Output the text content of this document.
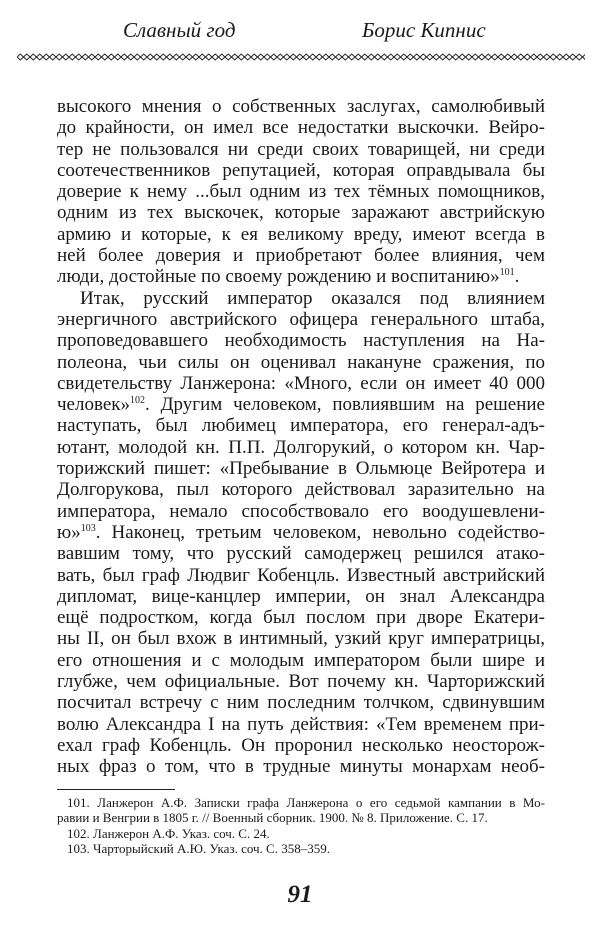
Славный год	Борис Кипнис
высокого мнения о собственных заслугах, самолюбивый
до крайности, он имел все недостатки выскочки. Вейро-
тер не пользовался ни среди своих товарищей, ни среди
соотечественников репутацией, которая оправдывала бы
доверие к нему ...был одним из тех тёмных помощников,
одним из тех выскочек, которые заражают австрийскую
армию и которые, к ея великому вреду, имеют всегда в
ней более доверия и приобретают более влияния, чем
люди, достойные по своему рождению и воспитанию»$^{101}$.
Итак, русский император оказался под влиянием
энергичного австрийского офицера генерального штаба,
проповедовавшего необходимость наступления на На-
полеона, чьи силы он оценивал накануне сражения, по
свидетельству Ланжерона: «Много, если он имеет 40 000
человек»$^{102}$. Другим человеком, повлиявшим на решение
наступать, был любимец императора, его генерал-адъ-
ютант, молодой кн. П.П. Долгорукий, о котором кн. Чар-
торижский пишет: «Пребывание в Ольмюце Вейротера и
Долгорукова, пыл которого действовал заразительно на
императора, немало способствовало его воодушевлени-
ю»$^{103}$. Наконец, третьим человеком, невольно содейство-
вавшим тому, что русский самодержец решился атако-
вать, был граф Людвиг Кобенцль. Известный австрийский
дипломат, вице-канцлер империи, он знал Александра
ещё подростком, когда был послом при дворе Екатери-
ны II, он был вхож в интимный, узкий круг императрицы,
его отношения и с молодым императором были шире и
глубже, чем официальные. Вот почему кн. Чарторижский
посчитал встречу с ним последним толчком, сдвинувшим
волю Александра I на путь действия: «Тем временем при-
ехал граф Кобенцль. Он проронил несколько неосторож-
ных фраз о том, что в трудные минуты монархам необ-
101. Ланжерон А.Ф. Записки графа Ланжерона о его седьмой кампании в Мо-
равии и Венгрии в 1805 г. // Военный сборник. 1900. № 8. Приложение. С. 17.
102. Ланжерон А.Ф. Указ. соч. С. 24.
103. Чарторыйский А.Ю. Указ. соч. С. 358–359.
91
